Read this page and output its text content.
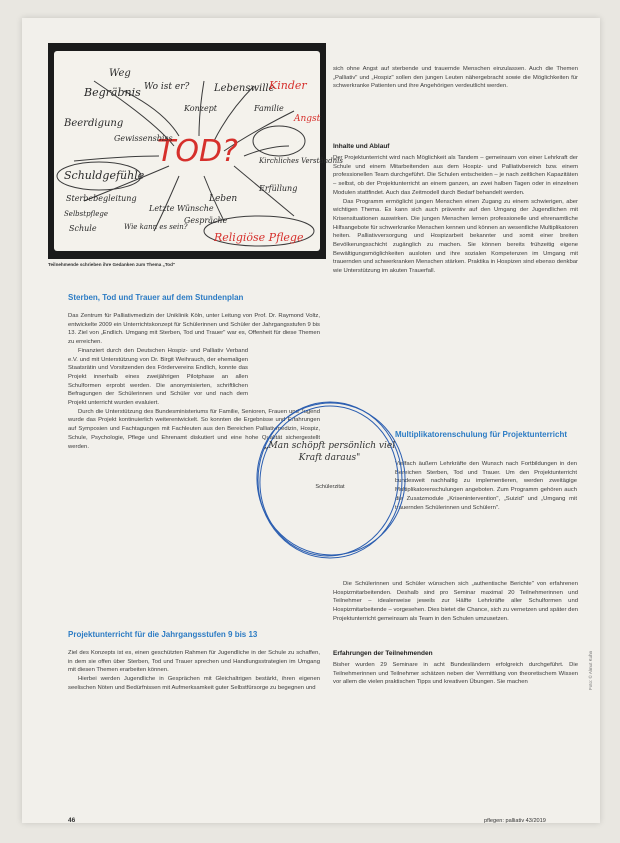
TOD?
Begräbnis
Weg
Wo ist er?
Beerdigung
Schuldgefühle
Sterbebegleitung
Lebenswille
Kinder
Religiöse Pflege
Wie kann es sein?
Schule
Leben
Angst
Kirchliches Verständnis
Erfüllung
Familie
Konzept
Gespräche
Gewissensbiss
Letzte Wünsche
Selbstpflege
Teilnehmende schrieben ihre Gedanken zum Thema „Tod"
Sterben, Tod und Trauer auf dem Stundenplan

Das Zentrum für Palliativmedizin der Uniklinik Köln, unter Leitung von Prof. Dr. Raymond Voltz, entwickelte 2009 ein Unterrichtskonzept für Schülerinnen und Schüler der Jahrgangsstufen 9 bis 13. Ziel von „Endlich. Umgang mit Sterben, Tod und Trauer" war es, Offenheit für diese Themen zu erreichen.

Finanziert durch den Deutschen Hospiz- und Palliativ Verband e.V. und mit Unterstützung von Dr. Birgit Weihrauch, der ehemaligen Staatsrätin und Vorsitzenden des Fördervereins Endlich, konnte das Projekt innerhalb eines zweijährigen Pilotphase an allen Schulformen erprobt werden. Die anonymisierten, schriftlichen Befragungen der Schülerinnen und Schüler vor und nach dem Projekt unterricht wurden evaluiert.

Durch die Unterstützung des Bundesministeriums für Familie, Senioren, Frauen und Jugend wurde das Projekt kontinuierlich weiterentwickelt. So konnten die Ergebnisse und Erfahrungen auf Symposien und Fachtagungen mit Fachleuten aus den Bereichen Palliativmedizin, Hospiz, Schule, Psychologie, Pflege und Ehrenamt diskutiert und eine hohe Qualität sichergestellt werden.

Projektunterricht für die Jahrgangsstufen 9 bis 13

Ziel des Konzepts ist es, einen geschützten Rahmen für Jugendliche in der Schule zu schaffen, in dem sie offen über Sterben, Tod und Trauer sprechen und Handlungsstrategien im Umgang mit diesen Themen erarbeiten können.

Hierbei werden Jugendliche in Gesprächen mit Gleichaltrigen bestärkt, ihren eigenen seelischen Nöten und Bedürfnissen mit Aufmerksamkeit guter Selbstfürsorge zu begegnen und

sich ohne Angst auf sterbende und trauernde Menschen einzulassen. Auch die Themen „Palliativ" und „Hospiz" sollen den jungen Leuten nähergebracht sowie die Möglichkeiten für schwerkranke Patienten und ihre Angehörigen verdeutlicht werden.
Inhalte und Ablauf

Der Projektunterricht wird nach Möglichkeit als Tandem – gemeinsam von einer Lehrkraft der Schule und einem Mitarbeitenden aus dem Hospiz- und Palliativbereich bzw. einem professionellen Team durchgeführt. Die Schulen entscheiden – je nach zeitlichen Kapazitäten – selbst, ob der Projektunterricht an einem ganzen, an zwei halben Tagen oder in einzelnen Modulen stattfindet. Auch das Zeitmodell durch Bedarf behandelt werden.

Das Programm ermöglicht jungen Menschen einen Zugang zu einem schwierigen, aber wichtigen Thema. Es kann sich auch präventiv auf den Umgang der Jugendlichen mit Krisensituationen auswirken. Die jungen Menschen lernen professionelle und ehrenamtliche Hilfsangebote für schwerkranke Menschen kennen und können an wesentliche Multiplikatoren heiten. Palliativversorgung und Hospizarbeit bekannter und somit einer breiten Bevölkerungsschicht zugänglich zu machen. Sie können bereits frühzeitig eigene Bewältigungsmöglichkeiten ausloten und ihre sozialen Kompetenzen im Umgang mit trauernden und schwerkranken Menschen stärken. Praktika in Hospizen sind ebenso denkbar wie Unterstützung im akuten Trauerfall.

Multiplikatorenschulung für Projektunterricht
Vielfach äußern Lehrkräfte den Wunsch nach Fortbildungen in den Bereichen Sterben, Tod und Trauer. Um den Projektunterricht bundesweit nachhaltig zu implementieren, werden zweitägige Multiplikatorenschulungen angeboten. Zum Programm gehören auch die Zusatzmodule „Krisenintervention", „Suizid" und „Umgang mit trauernden Schülerinnen und Schülern".
Die Schülerinnen und Schüler wünschen sich „authentische Berichte" von erfahrenen Hospizmitarbeitenden. Deshalb sind pro Seminar maximal 20 Teilnehmerinnen und Teilnehmer – idealerweise jeweils zur Hälfte Lehrkräfte aller Schulformen und Hospizmitarbeitende – vorgesehen. Dies bietet die Chance, sich zu vernetzen und später den Projektunterricht gemeinsam als Team in den Schulen umzusetzen.
Erfahrungen der Teilnehmenden
Bisher wurden 29 Seminare in acht Bundesländern erfolgreich durchgeführt. Die Teilnehmerinnen und Teilnehmer schätzen neben der Vermittlung von theoretischem Wissen vor allem die vielen praktischen Tipps und kreativen Übungen. Sie machen
„Man schöpft persönlich viel Kraft daraus"
Schülerzitat
46	pflegen: palliativ 43/2019
Foto: © Almut Kuhn
